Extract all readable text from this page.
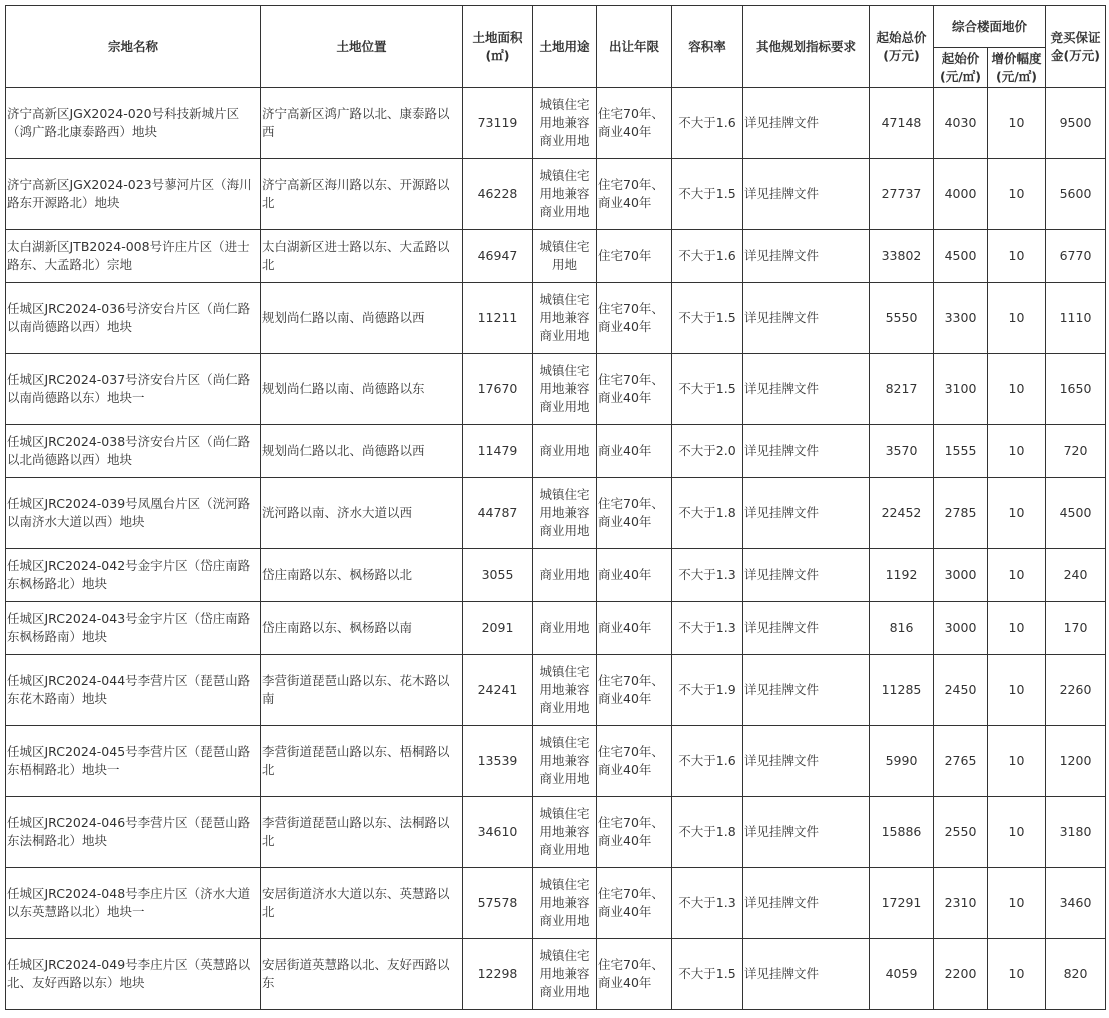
宗地名称	土地位置	土地面积(㎡)	土地用途	出让年限	容积率	其他规划指标要求	起始总价(万元)	综合楼面地价		竞买保证金(万元)
								起始价(元/㎡)	增价幅度(元/㎡)	
济宁高新区JGX2024-020号科技新城片区（鸿广路北康泰路西）地块	济宁高新区鸿广路以北、康泰路以西	73119	城镇住宅用地兼容商业用地	住宅70年、商业40年	不大于1.6	详见挂牌文件	47148	4030	10	9500
济宁高新区JGX2024-023号蓼河片区（海川路东开源路北）地块	济宁高新区海川路以东、开源路以北	46228	城镇住宅用地兼容商业用地	住宅70年、商业40年	不大于1.5	详见挂牌文件	27737	4000	10	5600
太白湖新区JTB2024-008号许庄片区（进士路东、大孟路北）宗地	太白湖新区进士路以东、大孟路以北	46947	城镇住宅用地	住宅70年	不大于1.6	详见挂牌文件	33802	4500	10	6770
任城区JRC2024-036号济安台片区（尚仁路以南尚德路以西）地块	规划尚仁路以南、尚德路以西	11211	城镇住宅用地兼容商业用地	住宅70年、商业40年	不大于1.5	详见挂牌文件	5550	3300	10	1110
任城区JRC2024-037号济安台片区（尚仁路以南尚德路以东）地块一	规划尚仁路以南、尚德路以东	17670	城镇住宅用地兼容商业用地	住宅70年、商业40年	不大于1.5	详见挂牌文件	8217	3100	10	1650
任城区JRC2024-038号济安台片区（尚仁路以北尚德路以西）地块	规划尚仁路以北、尚德路以西	11479	商业用地	商业40年	不大于2.0	详见挂牌文件	3570	1555	10	720
任城区JRC2024-039号凤凰台片区（洸河路以南济水大道以西）地块	洸河路以南、济水大道以西	44787	城镇住宅用地兼容商业用地	住宅70年、商业40年	不大于1.8	详见挂牌文件	22452	2785	10	4500
任城区JRC2024-042号金宇片区（岱庄南路东枫杨路北）地块	岱庄南路以东、枫杨路以北	3055	商业用地	商业40年	不大于1.3	详见挂牌文件	1192	3000	10	240
任城区JRC2024-043号金宇片区（岱庄南路东枫杨路南）地块	岱庄南路以东、枫杨路以南	2091	商业用地	商业40年	不大于1.3	详见挂牌文件	816	3000	10	170
任城区JRC2024-044号李营片区（琵琶山路东花木路南）地块	李营街道琵琶山路以东、花木路以南	24241	城镇住宅用地兼容商业用地	住宅70年、商业40年	不大于1.9	详见挂牌文件	11285	2450	10	2260
任城区JRC2024-045号李营片区（琵琶山路东梧桐路北）地块一	李营街道琵琶山路以东、梧桐路以北	13539	城镇住宅用地兼容商业用地	住宅70年、商业40年	不大于1.6	详见挂牌文件	5990	2765	10	1200
任城区JRC2024-046号李营片区（琵琶山路东法桐路北）地块	李营街道琵琶山路以东、法桐路以北	34610	城镇住宅用地兼容商业用地	住宅70年、商业40年	不大于1.8	详见挂牌文件	15886	2550	10	3180
任城区JRC2024-048号李庄片区（济水大道以东英慧路以北）地块一	安居街道济水大道以东、英慧路以北	57578	城镇住宅用地兼容商业用地	住宅70年、商业40年	不大于1.3	详见挂牌文件	17291	2310	10	3460
任城区JRC2024-049号李庄片区（英慧路以北、友好西路以东）地块	安居街道英慧路以北、友好西路以东	12298	城镇住宅用地兼容商业用地	住宅70年、商业40年	不大于1.5	详见挂牌文件	4059	2200	10	820
